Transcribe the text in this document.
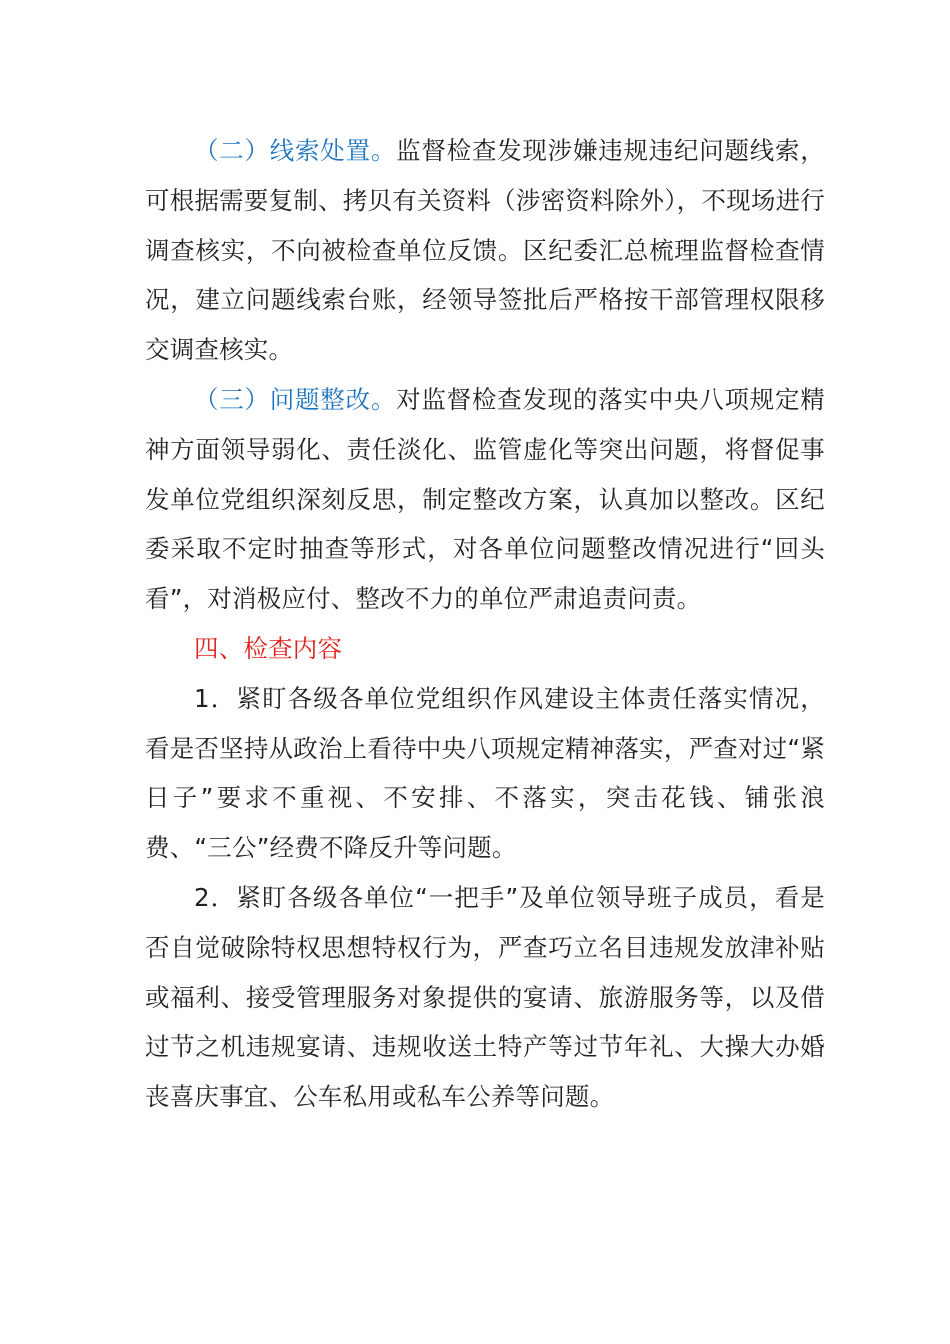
（二）线索处置。监督检查发现涉嫌违规违纪问题线索，可根据需要复制、拷贝有关资料（涉密资料除外），不现场进行调查核实，不向被检查单位反馈。区纪委汇总梳理监督检查情况，建立问题线索台账，经领导签批后严格按干部管理权限移交调查核实。

（三）问题整改。对监督检查发现的落实中央八项规定精神方面领导弱化、责任淡化、监管虚化等突出问题，将督促事发单位党组织深刻反思，制定整改方案，认真加以整改。区纪委采取不定时抽查等形式，对各单位问题整改情况进行“回头看”，对消极应付、整改不力的单位严肃追责问责。

四、检查内容

1．紧盯各级各单位党组织作风建设主体责任落实情况，看是否坚持从政治上看待中央八项规定精神落实，严查对过“紧日子”要求不重视、不安排、不落实，突击花钱、铺张浪费、“三公”经费不降反升等问题。

2．紧盯各级各单位“一把手”及单位领导班子成员，看是否自觉破除特权思想特权行为，严查巧立名目违规发放津补贴或福利、接受管理服务对象提供的宴请、旅游服务等，以及借过节之机违规宴请、违规收送土特产等过节年礼、大操大办婚丧喜庆事宜、公车私用或私车公养等问题。
